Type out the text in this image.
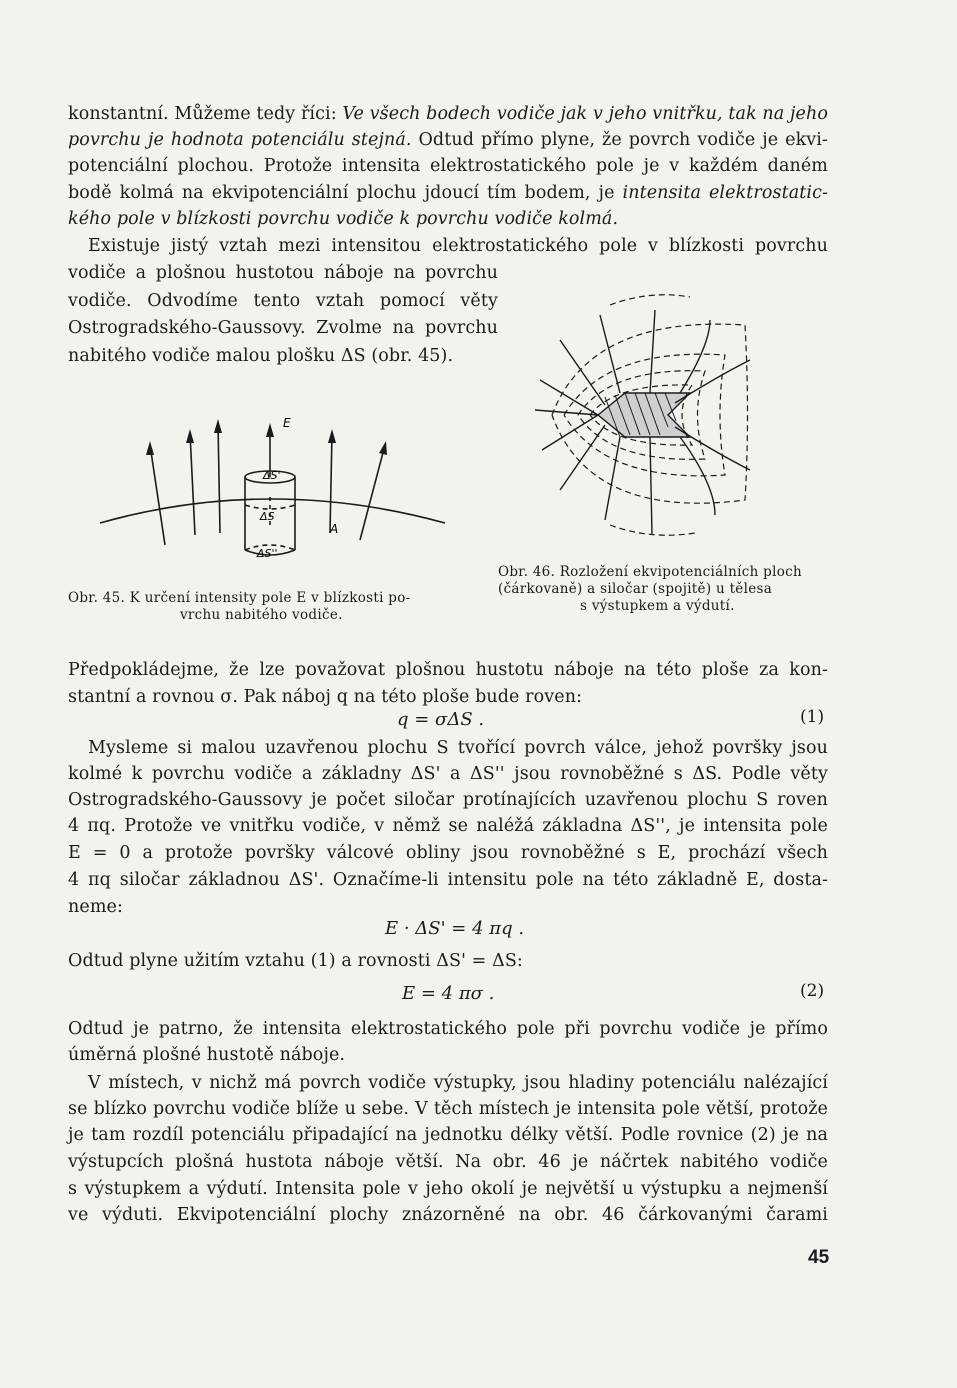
konstantní. Můžeme tedy říci: Ve všech bodech vodiče jak v jeho vnitřku, tak na jeho
povrchu je hodnota potenciálu stejná. Odtud přímo plyne, že povrch vodiče je ekvi-
potenciální plochou. Protože intensita elektrostatického pole je v každém daném
bodě kolmá na ekvipotenciální plochu jdoucí tím bodem, je intensita elektrostatic-
kého pole v blízkosti povrchu vodiče k povrchu vodiče kolmá.
Existuje jistý vztah mezi intensitou elektrostatického pole v blízkosti povrchu
vodiče a plošnou hustotou náboje na povrchu
vodiče. Odvodíme tento vztah pomocí věty
Ostrogradského-Gaussovy. Zvolme na povrchu
nabitého vodiče malou plošku ΔS (obr. 45).
E
ΔS'
ΔS
ΔS''
A
Obr. 45. K určení intensity pole E v blízkosti po-
vrchu nabitého vodiče.
Obr. 46. Rozložení ekvipotenciálních ploch
(čárkovaně) a siločar (spojitě) u tělesa
s výstupkem a výdutí.
Předpokládejme, že lze považovat plošnou hustotu náboje na této ploše za kon-
stantní a rovnou σ. Pak náboj q na této ploše bude roven:
q = σΔS .	(1)
Mysleme si malou uzavřenou plochu S tvořící povrch válce, jehož površky jsou
kolmé k povrchu vodiče a základny ΔS' a ΔS'' jsou rovnoběžné s ΔS. Podle věty
Ostrogradského-Gaussovy je počet siločar protínajících uzavřenou plochu S roven
4 πq. Protože ve vnitřku vodiče, v němž se naléžá základna ΔS'', je intensita pole
E = 0 a protože površky válcové obliny jsou rovnoběžné s E, prochází všech
4 πq siločar základnou ΔS'. Označíme-li intensitu pole na této základně E, dosta-
neme:
E · ΔS' = 4 πq .
Odtud plyne užitím vztahu (1) a rovnosti ΔS' = ΔS:
E = 4 πσ .	(2)
Odtud je patrno, že intensita elektrostatického pole při povrchu vodiče je přímo
úměrná plošné hustotě náboje.
V místech, v nichž má povrch vodiče výstupky, jsou hladiny potenciálu nalézající
se blízko povrchu vodiče blíže u sebe. V těch místech je intensita pole větší, protože
je tam rozdíl potenciálu připadající na jednotku délky větší. Podle rovnice (2) je na
výstupcích plošná hustota náboje větší. Na obr. 46 je náčrtek nabitého vodiče
s výstupkem a výdutí. Intensita pole v jeho okolí je největší u výstupku a nejmenší
ve výduti. Ekvipotenciální plochy znázorněné na obr. 46 čárkovanými čarami
45
